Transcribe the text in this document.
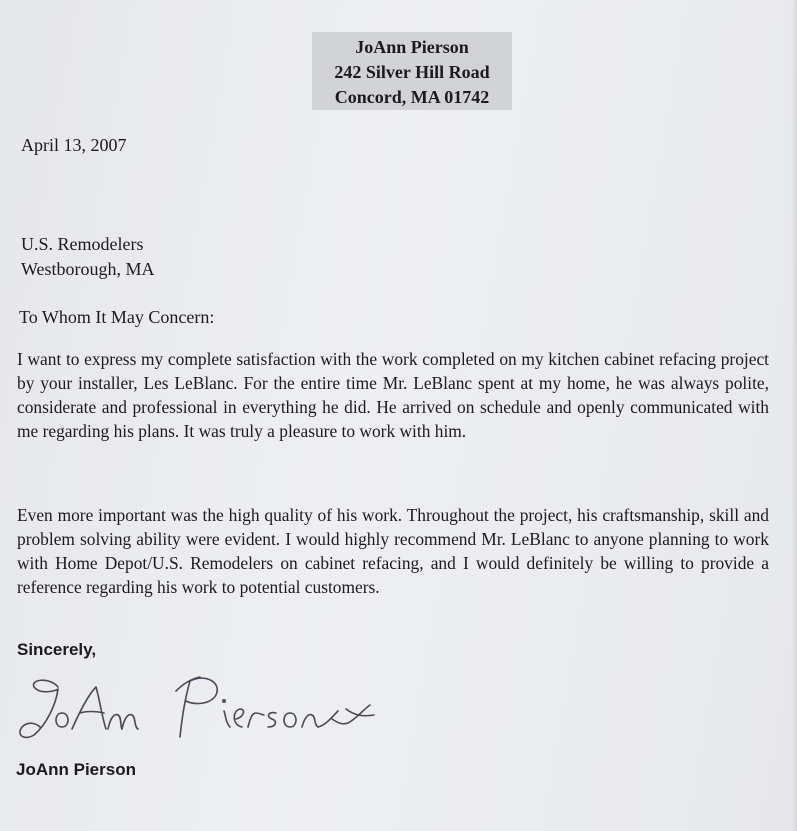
JoAnn Pierson
242 Silver Hill Road
Concord, MA 01742
April 13, 2007
U.S. Remodelers
Westborough, MA
To Whom It May Concern:
I want to express my complete satisfaction with the work completed on my kitchen cabinet refacing project by your installer, Les LeBlanc. For the entire time Mr. LeBlanc spent at my home, he was always polite, considerate and professional in everything he did. He arrived on schedule and openly communicated with me regarding his plans. It was truly a pleasure to work with him.
Even more important was the high quality of his work. Throughout the project, his craftsmanship, skill and problem solving ability were evident. I would highly recommend Mr. LeBlanc to anyone planning to work with Home Depot/U.S. Remodelers on cabinet refacing, and I would definitely be willing to provide a reference regarding his work to potential customers.
Sincerely,
JoAnn Pierson
